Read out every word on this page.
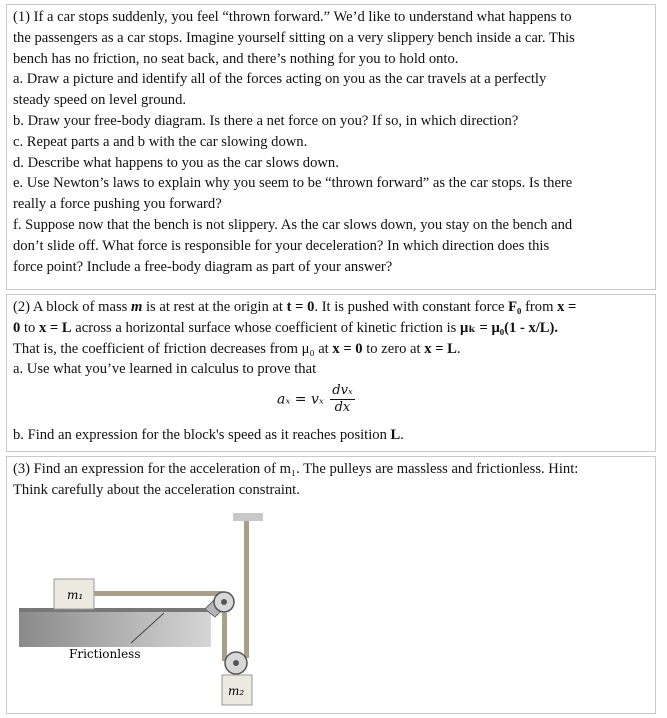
(1) If a car stops suddenly, you feel “thrown forward.” We’d like to understand what happens to
the passengers as a car stops. Imagine yourself sitting on a very slippery bench inside a car. This
bench has no friction, no seat back, and there’s nothing for you to hold onto.
a. Draw a picture and identify all of the forces acting on you as the car travels at a perfectly
steady speed on level ground.
b. Draw your free-body diagram. Is there a net force on you? If so, in which direction?
c. Repeat parts a and b with the car slowing down.
d. Describe what happens to you as the car slows down.
e. Use Newton’s laws to explain why you seem to be “thrown forward” as the car stops. Is there
really a force pushing you forward?
f. Suppose now that the bench is not slippery. As the car slows down, you stay on the bench and
don’t slide off. What force is responsible for your deceleration? In which direction does this
force point? Include a free-body diagram as part of your answer?

(2) A block of mass m is at rest at the origin at t = 0. It is pushed with constant force F₀ from x =
0 to x = L across a horizontal surface whose coefficient of kinetic friction is μₖ = μ₀(1 - x/L).
That is, the coefficient of friction decreases from μ₀ at x = 0 to zero at x = L.
a. Use what you’ve learned in calculus to prove that

aₓ = vₓ $\frac{\text{dvₓ}}{dx}$

b. Find an expression for the block's speed as it reaches position L.

(3) Find an expression for the acceleration of m₁. The pulleys are massless and frictionless. Hint:
Think carefully about the acceleration constraint.

m₁
m₂
Frictionless
